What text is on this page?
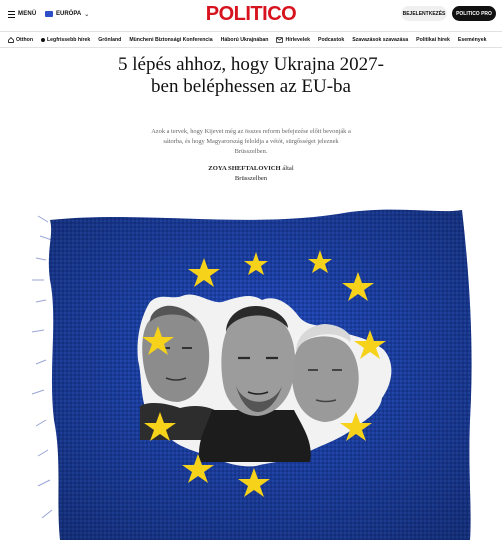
MENÜ	EURÓPA ⌄	POLITICO	BEJELENTKEZÉS	POLITICO PRO
Otthon	Legfrissebb hírek Grönland Müncheni Biztonsági Konferencia Háború Ukrajnában	Hírlevelek Podcastok Szavazások szavazása Politikai hírek Események
5 lépés ahhoz, hogy Ukrajna 2027-ben beléphessen az EU-ba

Azok a tervek, hogy Kijevet még az összes reform befejezése előtt bevonják a sátorba, és hogy Magyarország feloldja a vétót, sürgősséget jeleznek Brüsszelben.

ZOYA SHEFTALOVICH által
Brüsszelben
